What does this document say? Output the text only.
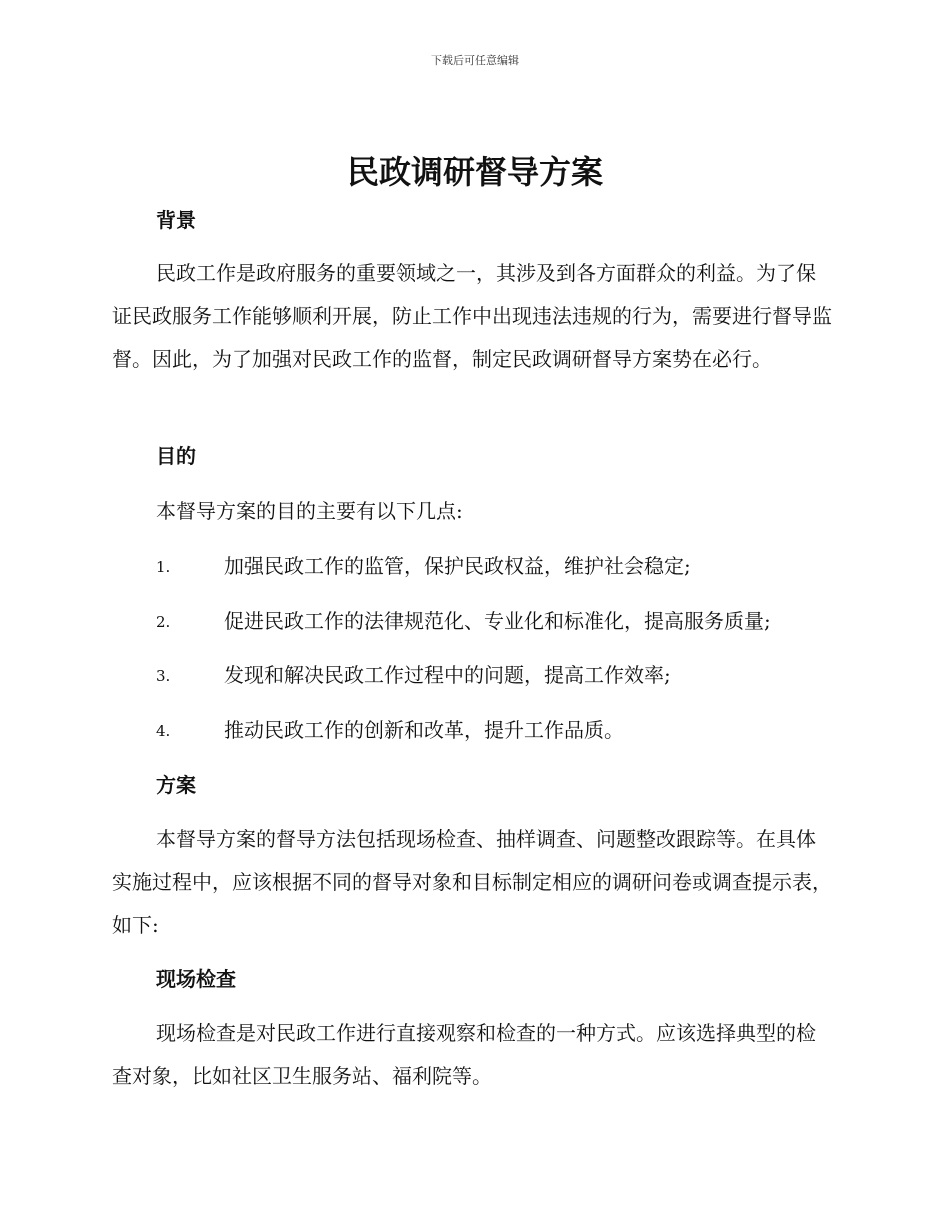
下载后可任意编辑
民政调研督导方案
背景

民政工作是政府服务的重要领域之一，其涉及到各方面群众的利益。为了保证民政服务工作能够顺利开展，防止工作中出现违法违规的行为，需要进行督导监督。因此，为了加强对民政工作的监督，制定民政调研督导方案势在必行。

目的

本督导方案的目的主要有以下几点:

1.	加强民政工作的监管，保护民政权益，维护社会稳定;
2.	促进民政工作的法律规范化、专业化和标准化，提高服务质量;
3.	发现和解决民政工作过程中的问题，提高工作效率;
4.	推动民政工作的创新和改革，提升工作品质。
方案

本督导方案的督导方法包括现场检查、抽样调查、问题整改跟踪等。在具体实施过程中，应该根据不同的督导对象和目标制定相应的调研问卷或调查提示表， 如下:

现场检查

现场检查是对民政工作进行直接观察和检查的一种方式。应该选择典型的检查对象，比如社区卫生服务站、福利院等。
